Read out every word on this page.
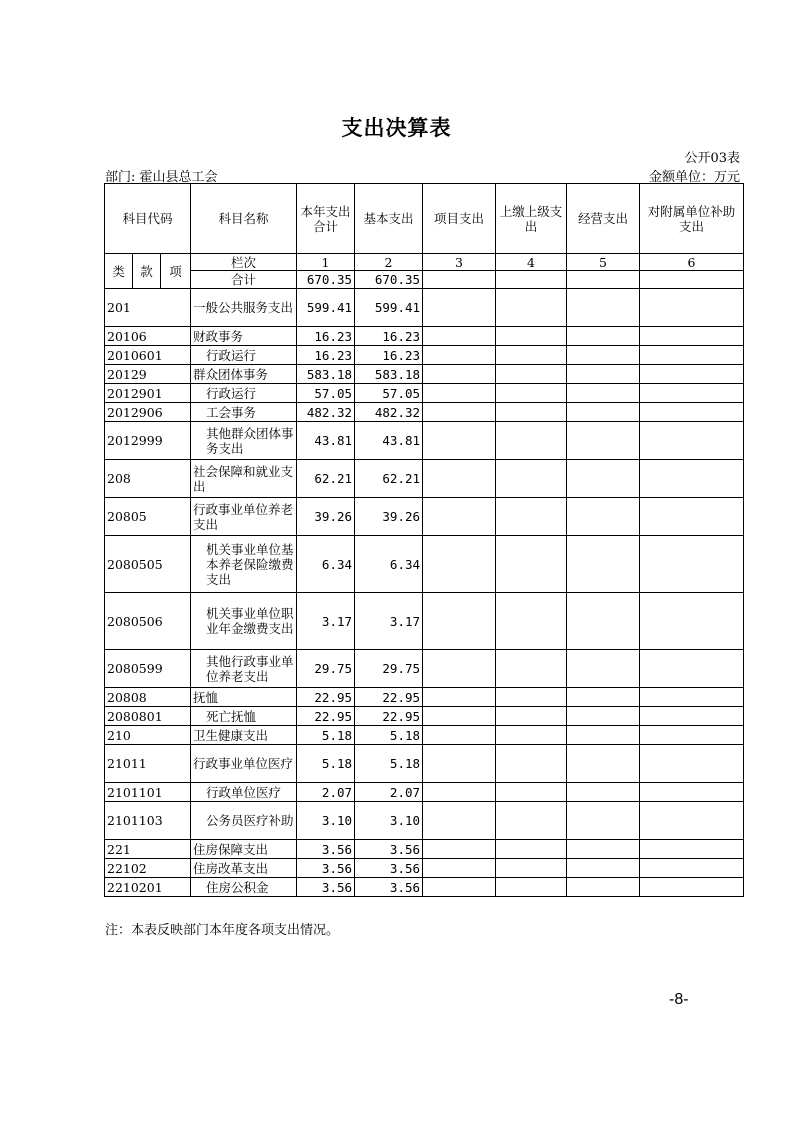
支出决算表
公开03表
部门: 霍山县总工会	金额单位：万元
科目代码			科目名称	本年支出合计	基本支出	项目支出	上缴上级支出	经营支出	对附属单位补助支出
类	款	项	栏次	1	2	3	4	5	6
			合计	670.35	670.35				
201			一般公共服务支出	599.41	599.41				
20106			财政事务	16.23	16.23				
2010601			行政运行	16.23	16.23				
20129			群众团体事务	583.18	583.18				
2012901			行政运行	57.05	57.05				
2012906			工会事务	482.32	482.32				
2012999			其他群众团体事务支出	43.81	43.81				
208			社会保障和就业支出	62.21	62.21				
20805			行政事业单位养老支出	39.26	39.26				
2080505			机关事业单位基本养老保险缴费支出	6.34	6.34				
2080506			机关事业单位职业年金缴费支出	3.17	3.17				
2080599			其他行政事业单位养老支出	29.75	29.75				
20808			抚恤	22.95	22.95				
2080801			死亡抚恤	22.95	22.95				
210			卫生健康支出	5.18	5.18				
21011			行政事业单位医疗	5.18	5.18				
2101101			行政单位医疗	2.07	2.07				
2101103			公务员医疗补助	3.10	3.10				
221			住房保障支出	3.56	3.56				
22102			住房改革支出	3.56	3.56				
2210201			住房公积金	3.56	3.56				
注：本表反映部门本年度各项支出情况。
-8-
